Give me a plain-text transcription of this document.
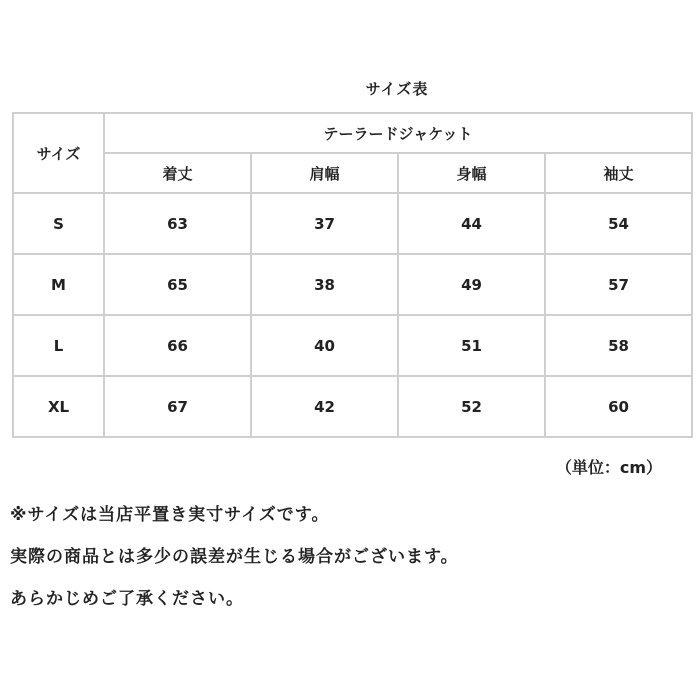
サイズ表
サイズ	テーラードジャケット			
	着丈	肩幅	身幅	袖丈
S	63	37	44	54
M	65	38	49	57
L	66	40	51	58
XL	67	42	52	60
（単位：cm）
※サイズは当店平置き実寸サイズです。
実際の商品とは多少の誤差が生じる場合がございます。
あらかじめご了承ください。
